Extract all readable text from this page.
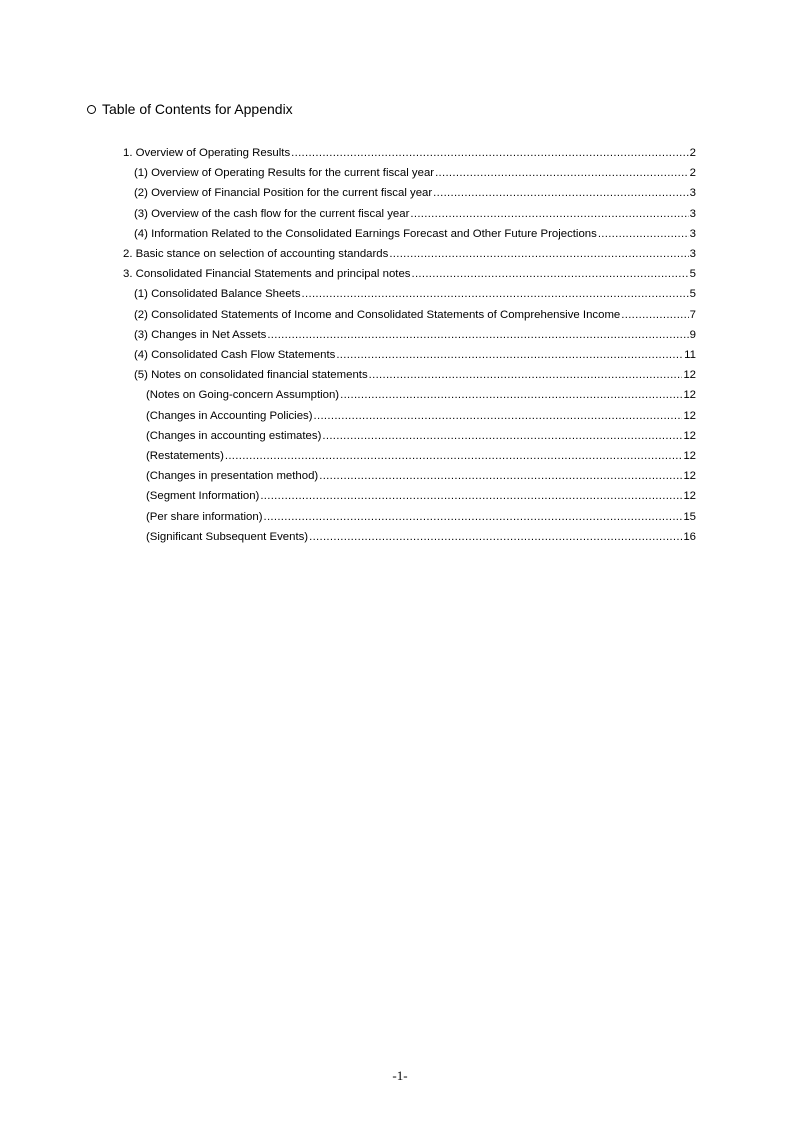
Table of Contents for Appendix
1. Overview of Operating Results .....	2
(1) Overview of Operating Results for the current fiscal year .....	2
(2) Overview of Financial Position for the current fiscal year .....	3
(3) Overview of the cash flow for the current fiscal year .....	3
(4) Information Related to the Consolidated Earnings Forecast and Other Future Projections .....	3
2. Basic stance on selection of accounting standards .....	3
3. Consolidated Financial Statements and principal notes .....	5
(1) Consolidated Balance Sheets .....	5
(2) Consolidated Statements of Income and Consolidated Statements of Comprehensive Income .....	7
(3) Changes in Net Assets .....	9
(4) Consolidated Cash Flow Statements .....	11
(5) Notes on consolidated financial statements .....	12
(Notes on Going-concern Assumption) .....	12
(Changes in Accounting Policies) .....	12
(Changes in accounting estimates) .....	12
(Restatements) .....	12
(Changes in presentation method) .....	12
(Segment Information) .....	12
(Per share information) .....	15
(Significant Subsequent Events) .....	16
-1-
